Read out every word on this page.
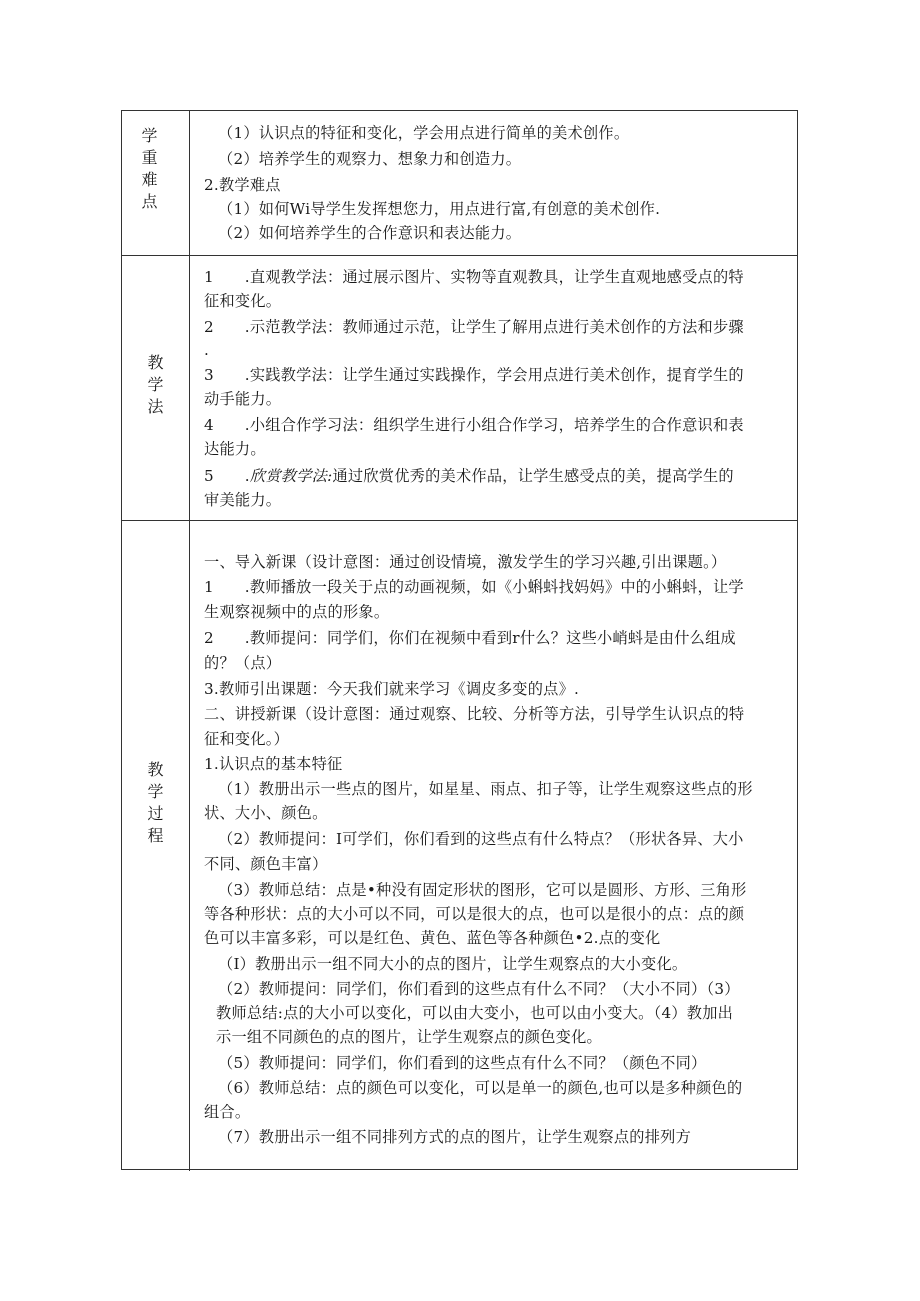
学
重
难
点
（1）认识点的特征和变化，学会用点进行简单的美术创作。
（2）培养学生的观察力、想象力和创造力。
2.教学难点
（1）如何Wi导学生发挥想您力，用点进行富,有创意的美术创作.
（2）如何培养学生的合作意识和表达能力。
教
学
法
1　　.直观教学法：通过展示图片、实物等直观教具，让学生直观地感受点的特
征和变化。
2　　.示范教学法：教师通过示范，让学生了解用点进行美术创作的方法和步骤
.
3　　.实践教学法：让学生通过实践操作，学会用点进行美术创作，提育学生的
动手能力。
4　　.小组合作学习法：组织学生进行小组合作学习，培养学生的合作意识和表
达能力。
5　　.欣赏教学法:通过欣赏优秀的美术作品，让学生感受点的美，提高学生的
审美能力。
教
学
过
程
一、导入新课（设计意图：通过创设情境，激发学生的学习兴趣,引出课题。）
1　　.教师播放一段关于点的动画视频，如《小蝌蚪找妈妈》中的小蝌蚪，让学
生观察视频中的点的形象。
2　　.教师提问：同学们，你们在视频中看到r什么？这些小峭蚪是由什么组成
的？（点）
3.教师引出课题：今天我们就来学习《调皮多变的点》.
二、讲授新课（设计意图：通过观察、比较、分析等方法，引导学生认识点的特
征和变化。）
1.认识点的基本特征
（1）教册出示一些点的图片，如星星、雨点、扣子等，让学生观察这些点的形
状、大小、颜色。
（2）教师提问：I可学们，你们看到的这些点有什么特点？（形状各异、大小
不同、颜色丰富）
（3）教师总结：点是•种没有固定形状的图形，它可以是圆形、方形、三角形
等各种形状：点的大小可以不同，可以是很大的点，也可以是很小的点：点的颜
色可以丰富多彩，可以是红色、黄色、蓝色等各种颜色•2.点的变化
（I）教册出示一组不同大小的点的图片，让学生观察点的大小变化。
（2）教师提问：同学们，你们看到的这些点有什么不同？（大小不同）（3）
教师总结:点的大小可以变化，可以由大变小，也可以由小变大。（4）教加出
示一组不同颜色的点的图片，让学生观察点的颜色变化。
（5）教师提问：同学们，你们看到的这些点有什么不同？（颜色不同）
（6）教师总结：点的颜色可以变化，可以是单一的颜色,也可以是多种颜色的
组合。
（7）教册出示一组不同排列方式的点的图片，让学生观察点的排列方
